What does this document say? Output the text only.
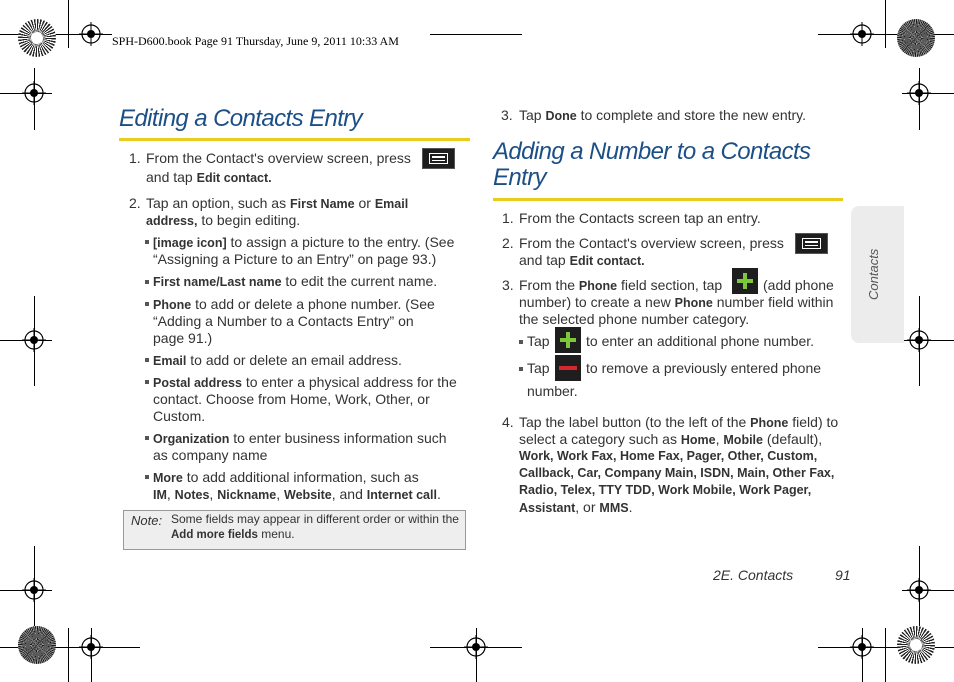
SPH-D600.book Page 91 Thursday, June 9, 2011 10:33 AM
Editing a Contacts Entry
1. From the Contact's overview screen, press
and tap Edit contact.
2. Tap an option, such as First Name or Email
address, to begin editing.
[image icon] to assign a picture to the entry. (See
“Assigning a Picture to an Entry” on page 93.)
First name/Last name to edit the current name.
Phone to add or delete a phone number. (See
“Adding a Number to a Contacts Entry” on
page 91.)
Email to add or delete an email address.
Postal address to enter a physical address for the
contact. Choose from Home, Work, Other, or
Custom.
Organization to enter business information such
as company name
More to add additional information, such as
IM, Notes, Nickname, Website, and Internet call.
Note: Some fields may appear in different order or within the
Add more fields menu.
3. Tap Done to complete and store the new entry.
Adding a Number to a Contacts
Entry
1. From the Contacts screen tap an entry.
2. From the Contact's overview screen, press
and tap Edit contact.
3. From the Phone field section, tap	(add phone
number) to create a new Phone number field within
the selected phone number category.
Tap	to enter an additional phone number.
Tap	to remove a previously entered phone
number.
4. Tap the label button (to the left of the Phone field) to
select a category such as Home, Mobile (default),
Work, Work Fax, Home Fax, Pager, Other, Custom,
Callback, Car, Company Main, ISDN, Main, Other Fax,
Radio, Telex, TTY TDD, Work Mobile, Work Pager,
Assistant, or MMS.
Contacts
2E. Contacts	91
